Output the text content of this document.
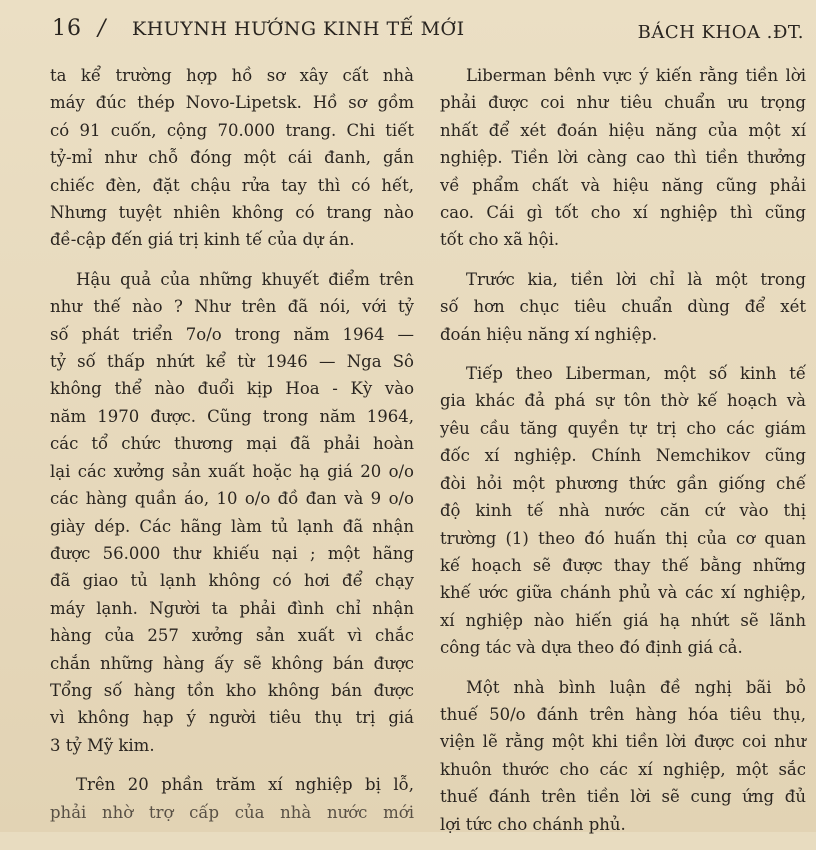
16 / KHUYNH HƯỚNG KINH TẾ MỚI	BÁCH KHOA .ĐT.

ta kể trường hợp hồ sơ xây cất nhà
máy đúc thép Novo-Lipetsk. Hồ sơ gồm
có 91 cuốn, cộng 70.000 trang. Chi tiết
tỷ-mỉ như chỗ đóng một cái đanh, gắn
chiếc đèn, đặt chậu rửa tay thì có hết,
Nhưng tuyệt nhiên không có trang nào
đề-cập đến giá trị kinh tế của dự án.

Hậu quả của những khuyết điểm trên
như thế nào ? Như trên đã nói, với tỷ
số phát triển 7o/o trong năm 1964 —
tỷ số thấp nhứt kể từ 1946 — Nga Sô
không thể nào đuổi kịp Hoa - Kỳ vào
năm 1970 được. Cũng trong năm 1964,
các tổ chức thương mại đã phải hoàn
lại các xưởng sản xuất hoặc hạ giá 20 o/o
các hàng quần áo, 10 o/o đồ đan và 9 o/o
giày dép. Các hãng làm tủ lạnh đã nhận
được 56.000 thư khiếu nại ; một hãng
đã giao tủ lạnh không có hơi để chạy
máy lạnh. Người ta phải đình chỉ nhận
hàng của 257 xưởng sản xuất vì chắc
chắn những hàng ấy sẽ không bán được
Tổng số hàng tồn kho không bán được
vì không hạp ý người tiêu thụ trị giá
3 tỷ Mỹ kim.

Trên 20 phần trăm xí nghiệp bị lỗ,
phải nhờ trợ cấp của nhà nước mới

Liberman bênh vực ý kiến rằng tiền lời
phải được coi như tiêu chuẩn ưu trọng
nhất để xét đoán hiệu năng của một xí
nghiệp. Tiền lời càng cao thì tiền thưởng
về phẩm chất và hiệu năng cũng phải
cao. Cái gì tốt cho xí nghiệp thì cũng
tốt cho xã hội.

Trước kia, tiền lời chỉ là một trong
số hơn chục tiêu chuẩn dùng để xét
đoán hiệu năng xí nghiệp.

Tiếp theo Liberman, một số kinh tế
gia khác đả phá sự tôn thờ kế hoạch và
yêu cầu tăng quyền tự trị cho các giám
đốc xí nghiệp. Chính Nemchikov cũng
đòi hỏi một phương thức gần giống chế
độ kinh tế nhà nước căn cứ vào thị
trường (1) theo đó huấn thị của cơ quan
kế hoạch sẽ được thay thế bằng những
khế ước giữa chánh phủ và các xí nghiệp,
xí nghiệp nào hiến giá hạ nhứt sẽ lãnh
công tác và dựa theo đó định giá cả.

Một nhà bình luận đề nghị bãi bỏ
thuế 50/o đánh trên hàng hóa tiêu thụ,
viện lẽ rằng một khi tiền lời được coi như
khuôn thước cho các xí nghiệp, một sắc
thuế đánh trên tiền lời sẽ cung ứng đủ
lợi tức cho chánh phủ.
